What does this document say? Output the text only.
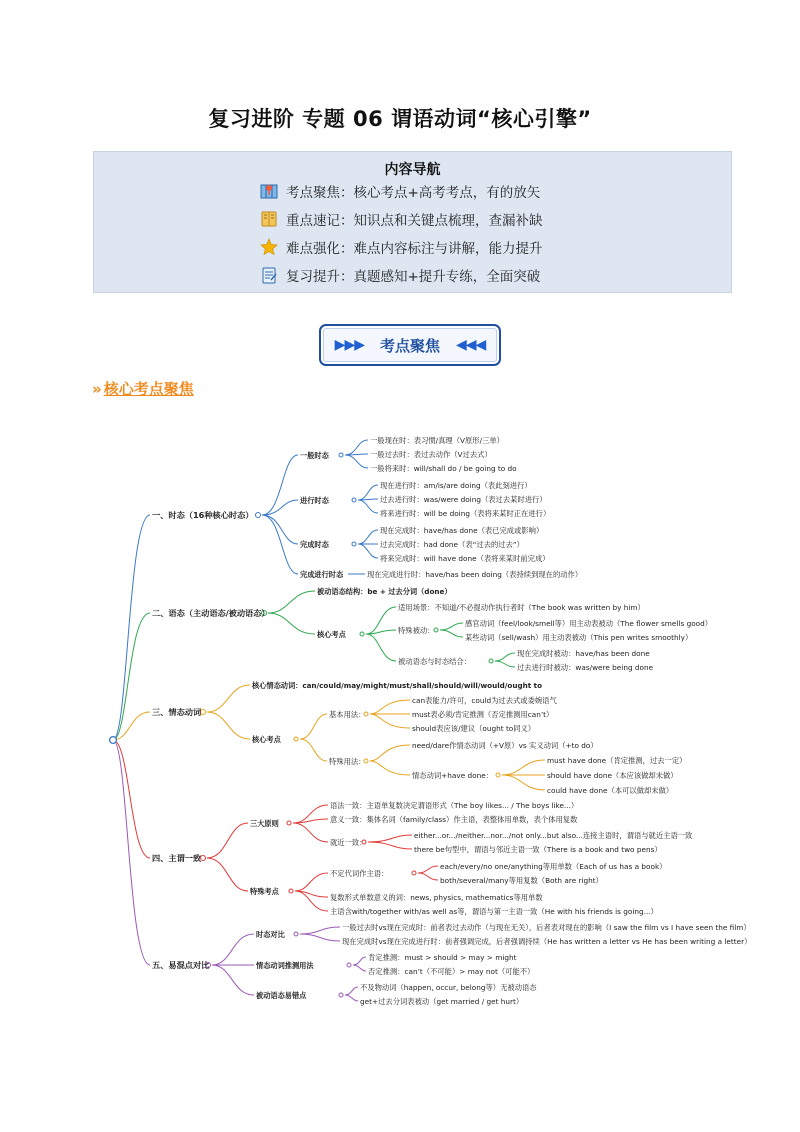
复习进阶 专题 06 谓语动词“核心引擎”
内容导航
考点聚焦：核心考点+高考考点，有的放矢
重点速记：知识点和关键点梳理，查漏补缺
难点强化：难点内容标注与讲解，能力提升
复习提升：真题感知+提升专练，全面突破
▶▶▶ 考点聚焦 ◀◀◀
» 核心考点聚焦
一、时态（16种核心时态）
一般时态
一般现在时：表习惯/真理（V原形/三单）
一般过去时：表过去动作（V过去式）
一般将来时：will/shall do / be going to do
进行时态
现在进行时：am/is/are doing（表此刻进行）
过去进行时：was/were doing（表过去某时进行）
将来进行时：will be doing（表将来某时正在进行）
完成时态
现在完成时：have/has done（表已完成或影响）
过去完成时：had done（表“过去的过去”）
将来完成时：will have done（表将来某时前完成）
完成进行时态	现在完成进行时：have/has been doing（表持续到现在的动作）
二、语态（主动语态/被动语态）
被动语态结构：be + 过去分词（done）
核心考点
适用场景：不知道/不必提动作执行者时（The book was written by him）
特殊被动：
感官动词（feel/look/smell等）用主动表被动（The flower smells good）
某些动词（sell/wash）用主动表被动（This pen writes smoothly）
被动语态与时态结合：
现在完成时被动：have/has been done
过去进行时被动：was/were being done
三、情态动词
核心情态动词：can/could/may/might/must/shall/should/will/would/ought to
核心考点
基本用法：
can表能力/许可，could为过去式或委婉语气
must表必须/肯定推测（否定推测用can’t）
should表应该/建议（ought to同义）
特殊用法：
need/dare作情态动词（+V原）vs 实义动词（+to do）
情态动词+have done：
must have done（肯定推测，过去一定）
should have done（本应该做却未做）
could have done（本可以做却未做）
四、主谓一致
三大原则
语法一致：主语单复数决定谓语形式（The boy likes... / The boys like...）
意义一致：集体名词（family/class）作主语，表整体用单数，表个体用复数
就近一致：
either...or.../neither...nor.../not only...but also...连接主语时，谓语与就近主语一致
there be句型中，谓语与邻近主语一致（There is a book and two pens）
特殊考点
不定代词作主语：
each/every/no one/anything等用单数（Each of us has a book）
both/several/many等用复数（Both are right）
复数形式单数意义的词：news, physics, mathematics等用单数
主语含with/together with/as well as等，谓语与第一主语一致（He with his friends is going...）
五、易混点对比
时态对比
一般过去时vs现在完成时：前者表过去动作（与现在无关），后者表对现在的影响（I saw the film vs I have seen the film）
现在完成时vs现在完成进行时：前者强调完成，后者强调持续（He has written a letter vs He has been writing a letter）
情态动词推测用法
肯定推测：must > should > may > might
否定推测：can’t（不可能）> may not（可能不）
被动语态易错点
不及物动词（happen, occur, belong等）无被动语态
get+过去分词表被动（get married / get hurt）
